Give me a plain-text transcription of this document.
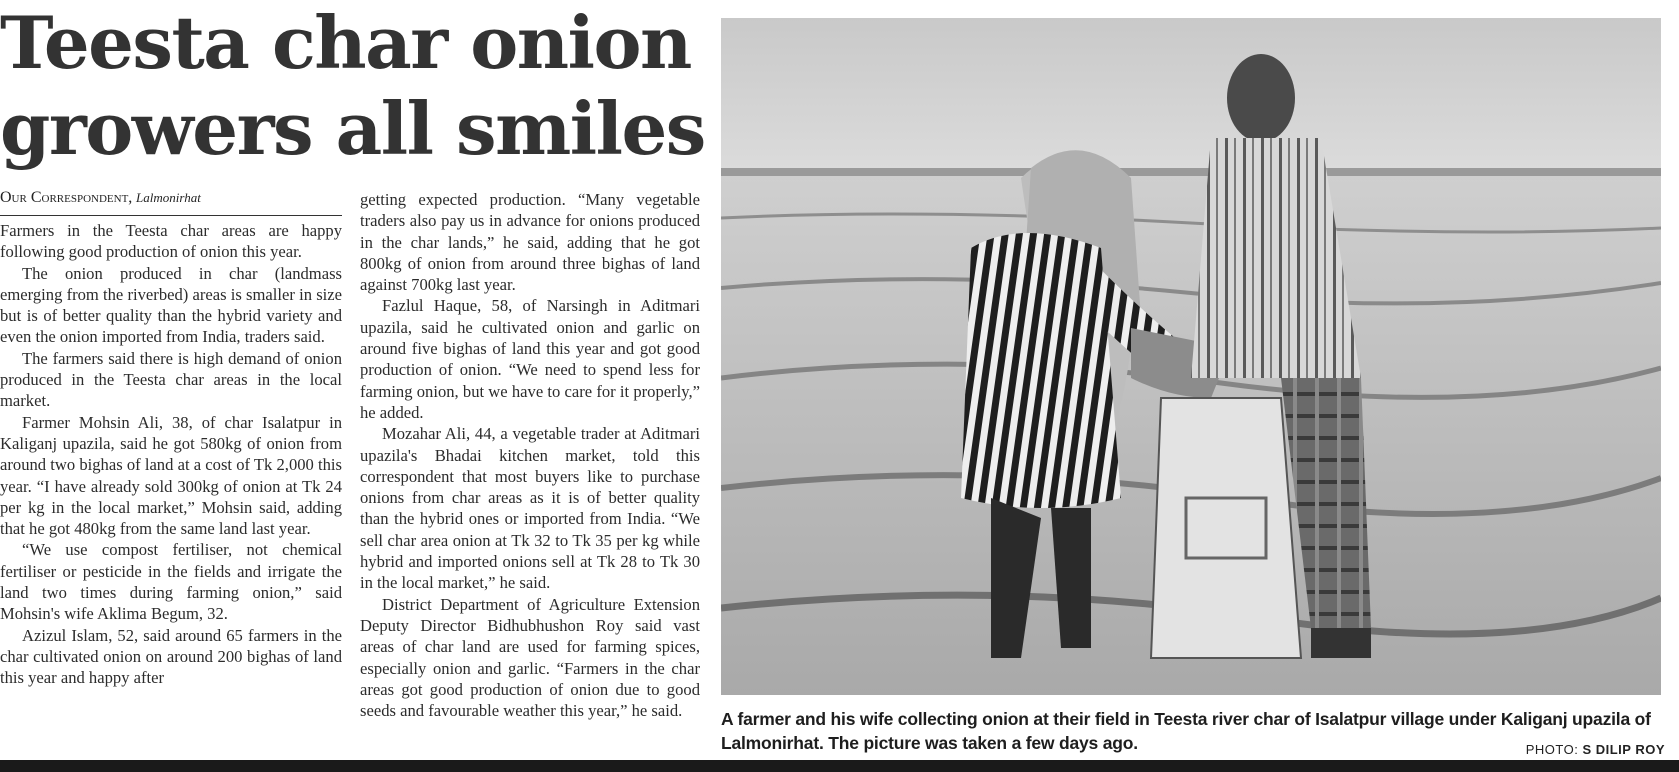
Teesta char onion
growers all smiles
Our Correspondent, Lalmonirhat

Farmers in the Teesta char areas are happy following good production of onion this year.

The onion produced in char (landmass emerging from the riverbed) areas is smaller in size but is of better quality than the hybrid variety and even the onion imported from India, traders said.

The farmers said there is high demand of onion produced in the Teesta char areas in the local market.

Farmer Mohsin Ali, 38, of char Isalatpur in Kaliganj upazila, said he got 580kg of onion from around two bighas of land at a cost of Tk 2,000 this year. “I have already sold 300kg of onion at Tk 24 per kg in the local market,” Mohsin said, adding that he got 480kg from the same land last year.

“We use compost fertiliser, not chemical fertiliser or pesticide in the fields and irrigate the land two times during farming onion,” said Mohsin's wife Aklima Begum, 32.

Azizul Islam, 52, said around 65 farmers in the char cultivated onion on around 200 bighas of land this year and happy after

getting expected production. “Many vegetable traders also pay us in advance for onions produced in the char lands,” he said, adding that he got 800kg of onion from around three bighas of land against 700kg last year.

Fazlul Haque, 58, of Narsingh in Aditmari upazila, said he cultivated onion and garlic on around five bighas of land this year and got good production of onion. “We need to spend less for farming onion, but we have to care for it properly,” he added.

Mozahar Ali, 44, a vegetable trader at Aditmari upazila's Bhadai kitchen market, told this correspondent that most buyers like to purchase onions from char areas as it is of better quality than the hybrid ones or imported from India. “We sell char area onion at Tk 32 to Tk 35 per kg while hybrid and imported onions sell at Tk 28 to Tk 30 in the local market,” he said.

District Department of Agriculture Extension Deputy Director Bidhubhushon Roy said vast areas of char land are used for farming spices, especially onion and garlic. “Farmers in the char areas got good production of onion due to good seeds and favourable weather this year,” he said.	A farmer and his wife collecting onion at their field in Teesta river char of Isalatpur village under Kaliganj upazila of Lalmonirhat. The picture was taken a few days ago.	PHOTO: S DILIP ROY
